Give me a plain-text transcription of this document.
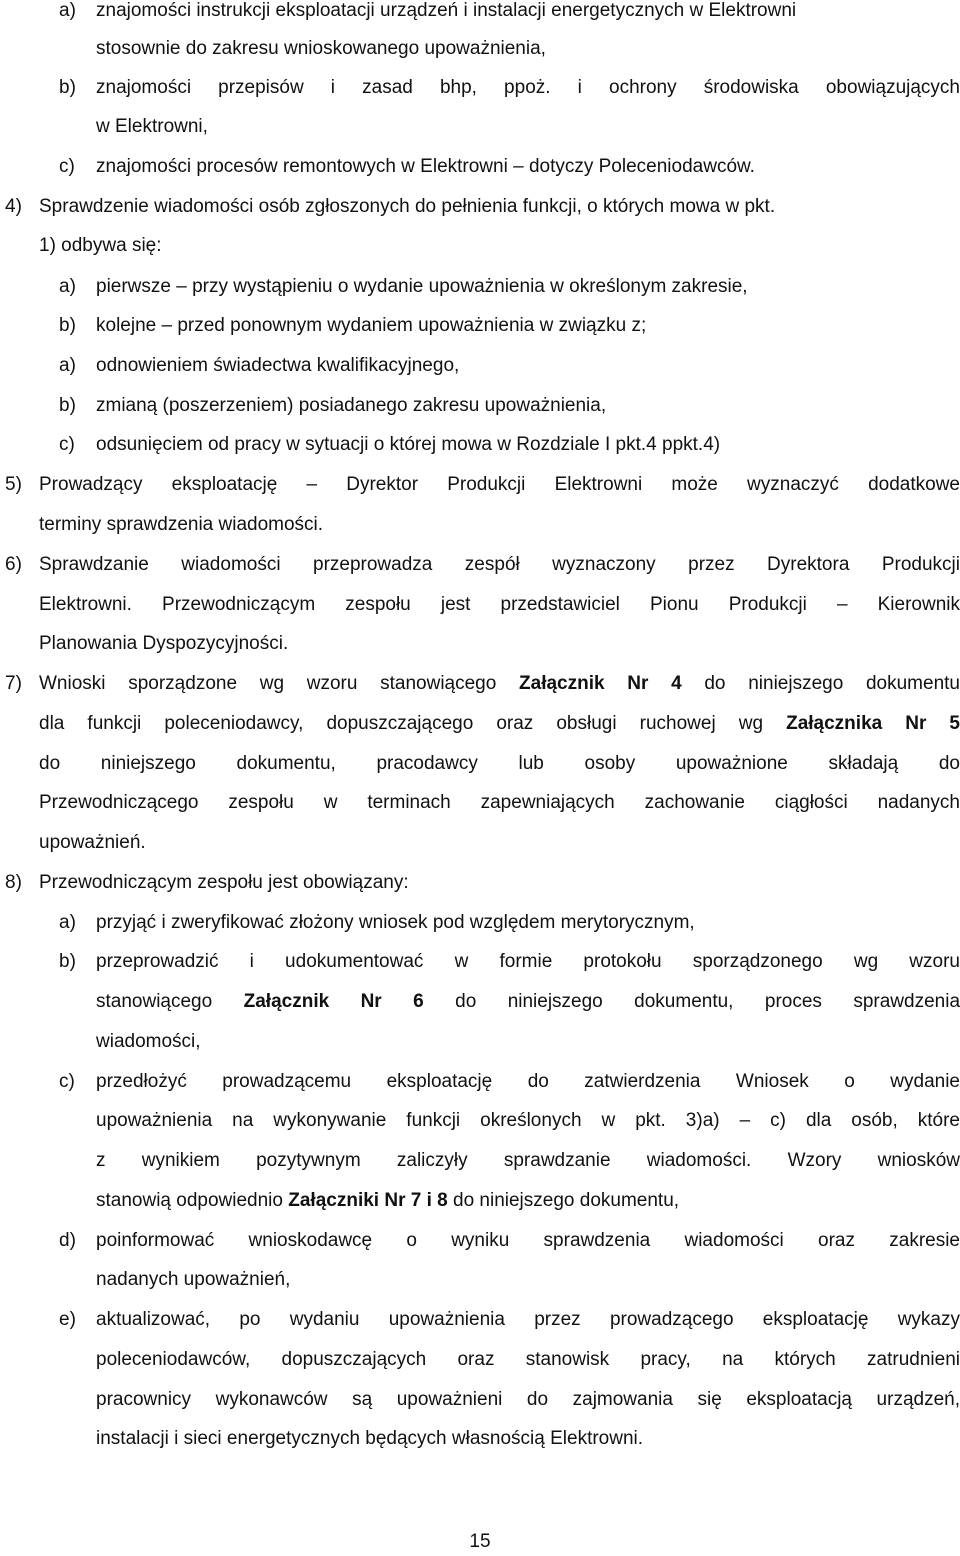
a) znajomości instrukcji eksploatacji urządzeń i instalacji energetycznych w Elektrowni
stosownie do zakresu wnioskowanego upoważnienia,
b) znajomości przepisów i zasad bhp, ppoż. i ochrony środowiska obowiązujących
w Elektrowni,
c) znajomości procesów remontowych w Elektrowni – dotyczy Poleceniodawców.
4) Sprawdzenie wiadomości osób zgłoszonych do pełnienia funkcji, o których mowa w pkt.
1) odbywa się:
a) pierwsze – przy wystąpieniu o wydanie upoważnienia w określonym zakresie,
b) kolejne – przed ponownym wydaniem upoważnienia w związku z;
a) odnowieniem świadectwa kwalifikacyjnego,
b) zmianą (poszerzeniem) posiadanego zakresu upoważnienia,
c) odsunięciem od pracy w sytuacji o której mowa w Rozdziale I pkt.4 ppkt.4)
5) Prowadzący eksploatację – Dyrektor Produkcji Elektrowni może wyznaczyć dodatkowe
terminy sprawdzenia wiadomości.
6) Sprawdzanie wiadomości przeprowadza zespół wyznaczony przez Dyrektora Produkcji
Elektrowni. Przewodniczącym zespołu jest przedstawiciel Pionu Produkcji – Kierownik
Planowania Dyspozycyjności.
7) Wnioski sporządzone wg wzoru stanowiącego Załącznik Nr 4 do niniejszego dokumentu
dla funkcji poleceniodawcy, dopuszczającego oraz obsługi ruchowej wg Załącznika Nr 5
do niniejszego dokumentu, pracodawcy lub osoby upoważnione składają do
Przewodniczącego zespołu w terminach zapewniających zachowanie ciągłości nadanych
upoważnień.
8) Przewodniczącym zespołu jest obowiązany:
a) przyjąć i zweryfikować złożony wniosek pod względem merytorycznym,
b) przeprowadzić i udokumentować w formie protokołu sporządzonego wg wzoru
stanowiącego Załącznik Nr 6 do niniejszego dokumentu, proces sprawdzenia
wiadomości,
c) przedłożyć prowadzącemu eksploatację do zatwierdzenia Wniosek o wydanie
upoważnienia na wykonywanie funkcji określonych w pkt. 3)a) – c) dla osób, które
z wynikiem pozytywnym zaliczyły sprawdzanie wiadomości. Wzory wniosków
stanowią odpowiednio Załączniki Nr 7 i 8 do niniejszego dokumentu,
d) poinformować wnioskodawcę o wyniku sprawdzenia wiadomości oraz zakresie
nadanych upoważnień,
e) aktualizować, po wydaniu upoważnienia przez prowadzącego eksploatację wykazy
poleceniodawców, dopuszczających oraz stanowisk pracy, na których zatrudnieni
pracownicy wykonawców są upoważnieni do zajmowania się eksploatacją urządzeń,
instalacji i sieci energetycznych będących własnością Elektrowni.
15
